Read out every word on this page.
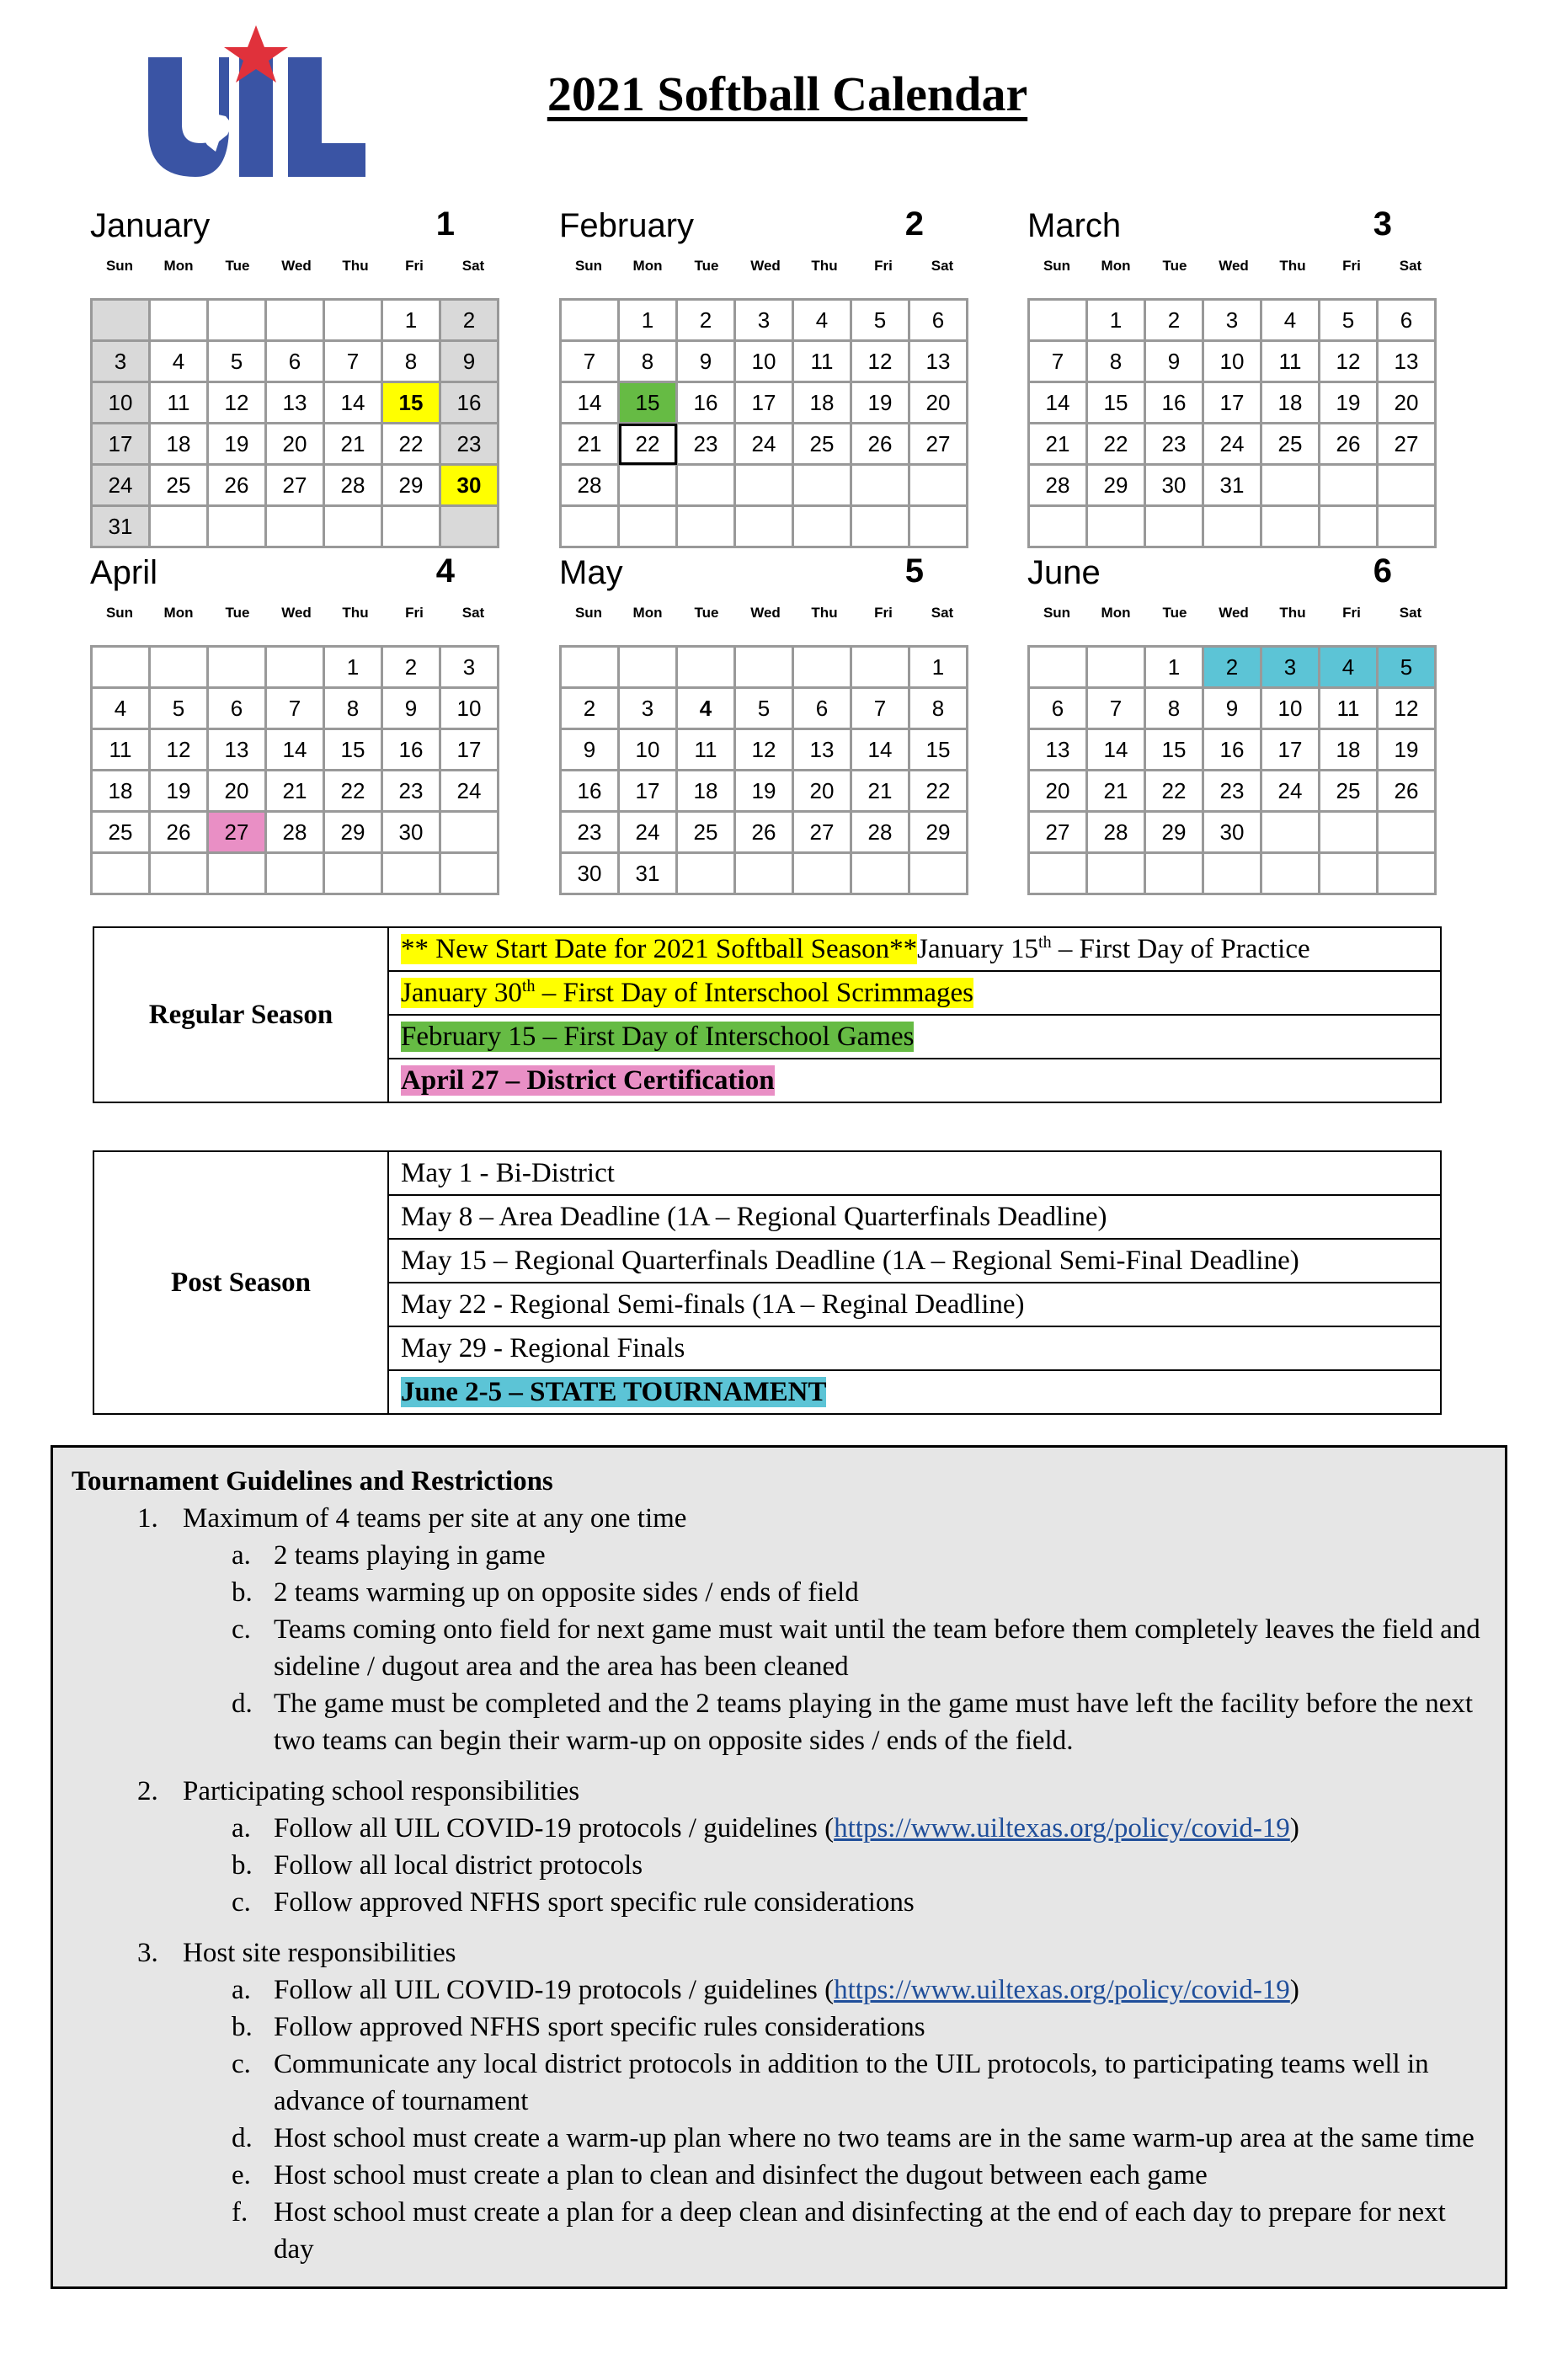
2021 Softball Calendar
January	1
Sun	Mon	Tue	Wed	Thu	Fri	Sat
					1	2
3	4	5	6	7	8	9
10	11	12	13	14	15	16
17	18	19	20	21	22	23
24	25	26	27	28	29	30
31						
February	2
Sun	Mon	Tue	Wed	Thu	Fri	Sat
	1	2	3	4	5	6
7	8	9	10	11	12	13
14	15	16	17	18	19	20
21	22	23	24	25	26	27
28						

March	3
Sun	Mon	Tue	Wed	Thu	Fri	Sat
	1	2	3	4	5	6
7	8	9	10	11	12	13
14	15	16	17	18	19	20
21	22	23	24	25	26	27
28	29	30	31			

April	4
Sun	Mon	Tue	Wed	Thu	Fri	Sat
				1	2	3
4	5	6	7	8	9	10
11	12	13	14	15	16	17
18	19	20	21	22	23	24
25	26	27	28	29	30	

May	5
Sun	Mon	Tue	Wed	Thu	Fri	Sat
						1
2	3	4	5	6	7	8
9	10	11	12	13	14	15
16	17	18	19	20	21	22
23	24	25	26	27	28	29
30	31					
June	6
Sun	Mon	Tue	Wed	Thu	Fri	Sat
		1	2	3	4	5
6	7	8	9	10	11	12
13	14	15	16	17	18	19
20	21	22	23	24	25	26
27	28	29	30			

Regular Season	** New Start Date for 2021 Softball Season**January 15th – First Day of Practice
January 30th – First Day of Interschool Scrimmages
February 15 – First Day of Interschool Games
April 27 – District Certification
Post Season	May 1 - Bi-District
May 8 – Area Deadline (1A – Regional Quarterfinals Deadline)
May 15 – Regional Quarterfinals Deadline (1A – Regional Semi-Final Deadline)
May 22 - Regional Semi-finals (1A – Reginal Deadline)
May 29 - Regional Finals
June 2-5 – STATE TOURNAMENT
Tournament Guidelines and Restrictions
1. Maximum of 4 teams per site at any one time
a. 2 teams playing in game
b. 2 teams warming up on opposite sides / ends of field
c. Teams coming onto field for next game must wait until the team before them completely leaves the field and sideline / dugout area and the area has been cleaned
d. The game must be completed and the 2 teams playing in the game must have left the facility before the next two teams can begin their warm-up on opposite sides / ends of the field.
2. Participating school responsibilities
a. Follow all UIL COVID-19 protocols / guidelines (https://www.uiltexas.org/policy/covid-19)
b. Follow all local district protocols
c. Follow approved NFHS sport specific rule considerations
3. Host site responsibilities
a. Follow all UIL COVID-19 protocols / guidelines (https://www.uiltexas.org/policy/covid-19)
b. Follow approved NFHS sport specific rules considerations
c. Communicate any local district protocols in addition to the UIL protocols, to participating teams well in advance of tournament
d. Host school must create a warm-up plan where no two teams are in the same warm-up area at the same time
e. Host school must create a plan to clean and disinfect the dugout between each game
f. Host school must create a plan for a deep clean and disinfecting at the end of each day to prepare for next day
